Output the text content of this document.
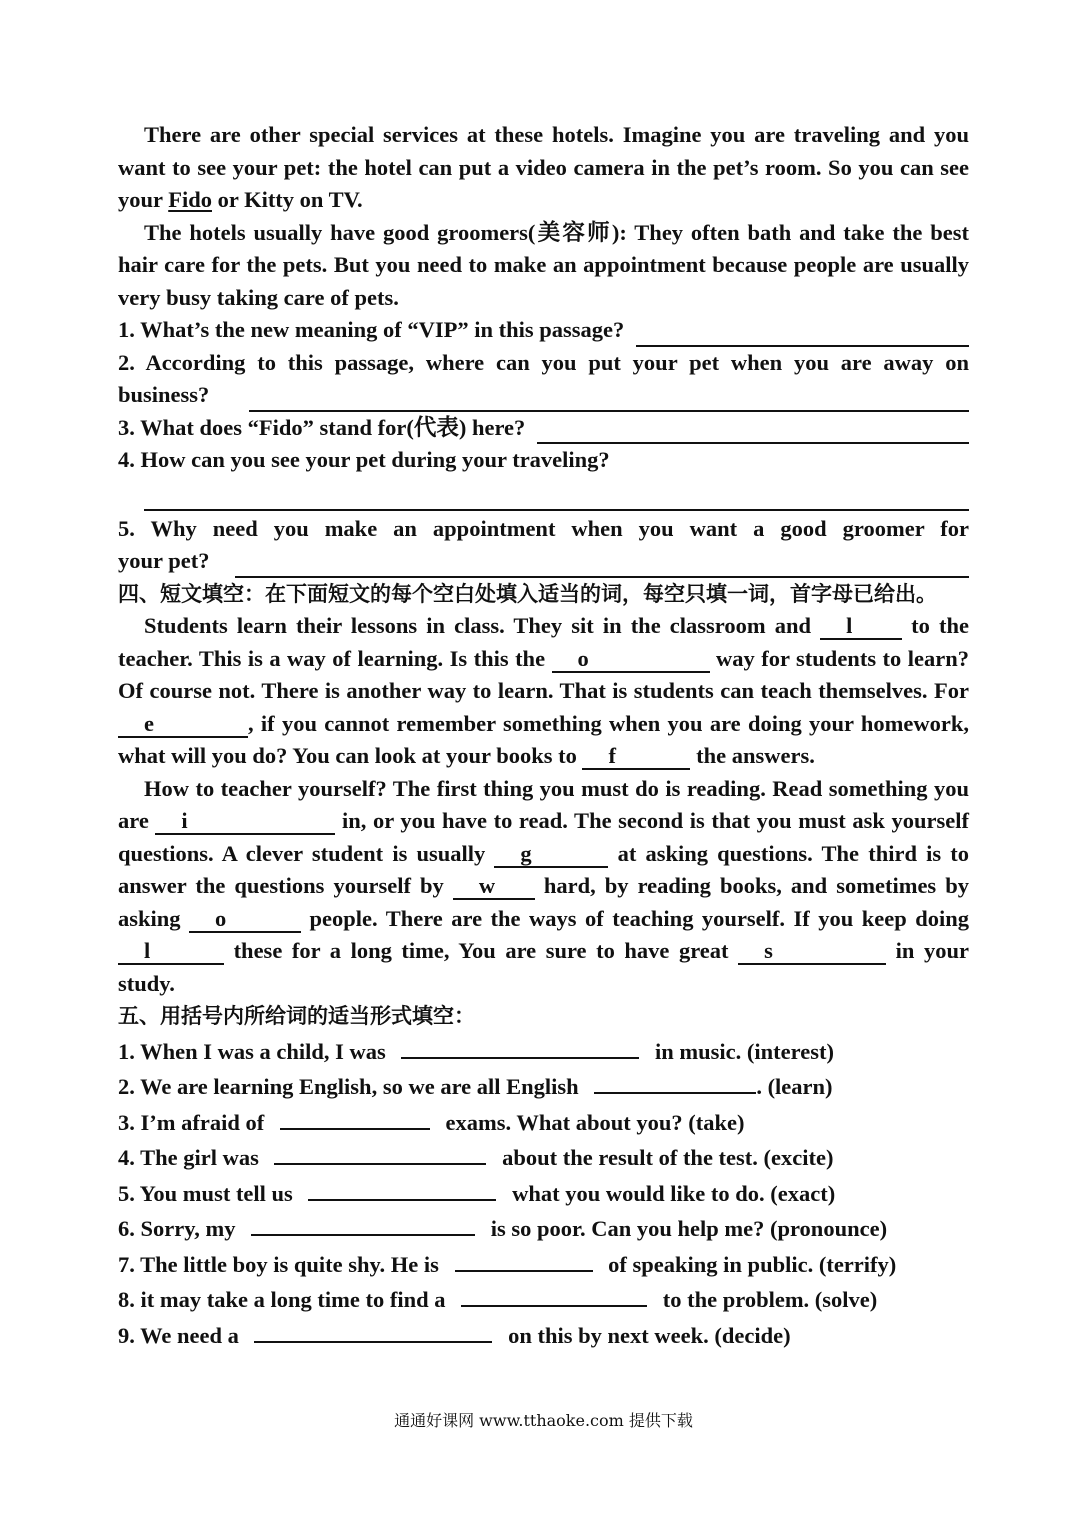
There are other special services at these hotels. Imagine you are traveling and you want to see your pet: the hotel can put a video camera in the pet’s room. So you can see your Fido or Kitty on TV.

The hotels usually have good groomers(美容师): They often bath and take the best hair care for the pets. But you need to make an appointment because people are usually very busy taking care of pets.

1. What’s the new meaning of “VIP” in this passage?
2. According to this passage, where can you put your pet when you are away on
business?
3. What does “Fido” stand for(代表) here?
4. How can you see your pet during your traveling?
5. Why need you make an appointment when you want a good groomer for
your pet?

四、短文填空：在下面短文的每个空白处填入适当的词，每空只填一词，首字母已给出。

Students learn their lessons in class. They sit in the classroom and l to the teacher. This is a way of learning. Is this the o	way for students to learn? Of course not. There is another way to learn. That is students can teach themselves. For e	, if you cannot remember something when you are doing your homework, what will you do? You can look at your books to f	the answers.

How to teacher yourself? The first thing you must do is reading. Read something you are i	in, or you have to read. The second is that you must ask yourself questions. A clever student is usually g	at asking questions. The third is to answer the questions yourself by w hard, by reading books, and sometimes by asking o	people. There are the ways of teaching yourself. If you keep doing l	these for a long time, You are sure to have great s	in your study.

五、用括号内所给词的适当形式填空：

1. When I was a child, I was	in music. (interest)

2. We are learning English, so we are all English	. (learn)

3. I’m afraid of	exams. What about you? (take)

4. The girl was	about the result of the test. (excite)

5. You must tell us	what you would like to do. (exact)

6. Sorry, my	is so poor. Can you help me? (pronounce)

7. The little boy is quite shy. He is	of speaking in public. (terrify)

8. it may take a long time to find a	to the problem. (solve)

9. We need a	on this by next week. (decide)

通通好课网 www.tthaoke.com 提供下载
